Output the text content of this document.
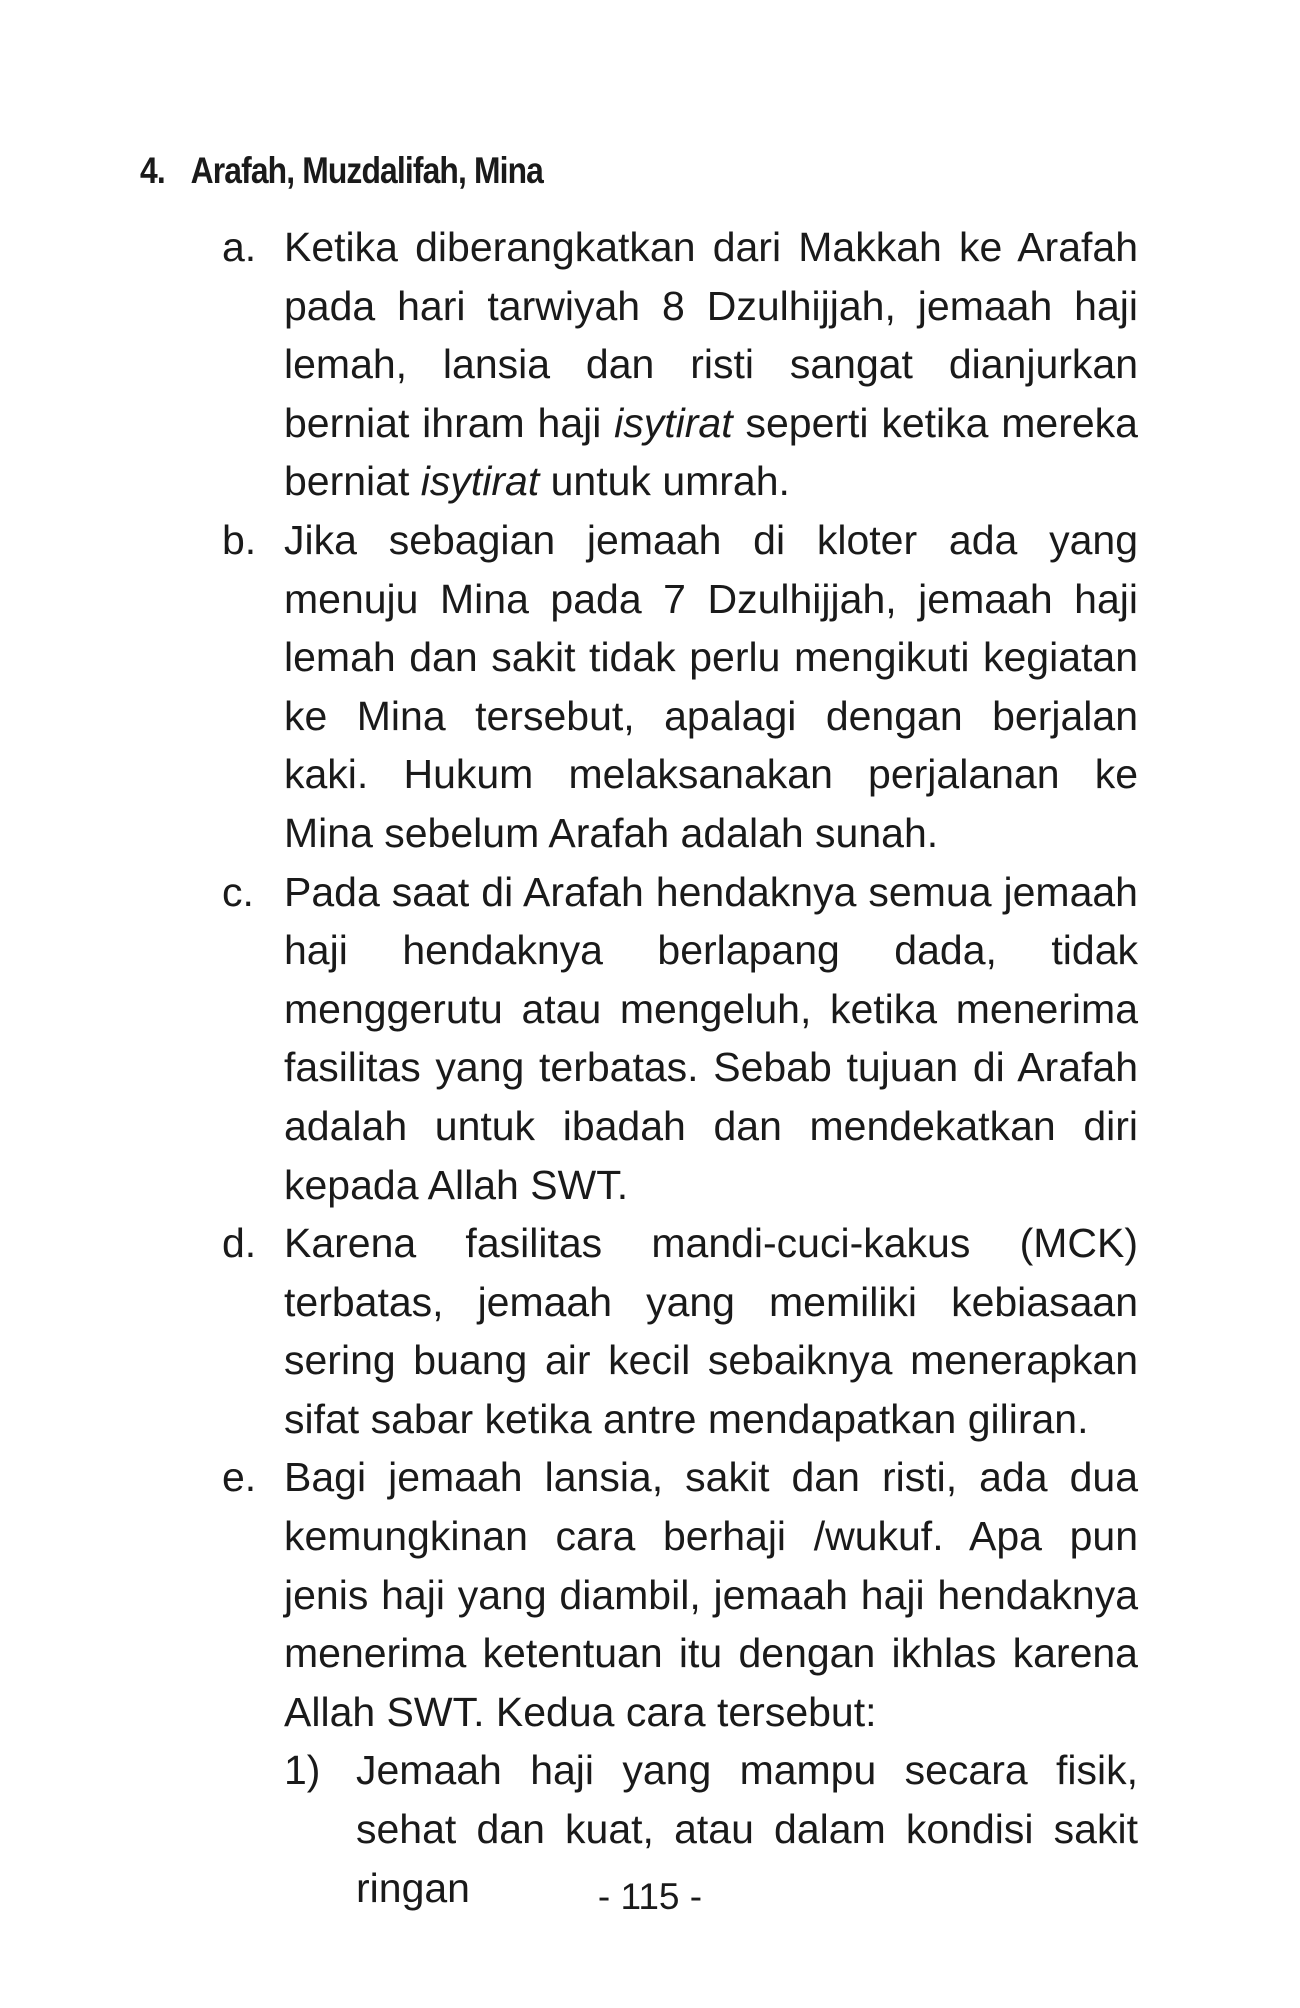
4. Arafah, Muzdalifah, Mina
a. Ketika diberangkatkan dari Makkah ke Arafah pada hari tarwiyah 8 Dzulhijjah, jemaah haji lemah, lansia dan risti sangat dianjurkan berniat ihram haji isytirat seperti ketika mereka berniat isytirat untuk umrah.
b. Jika sebagian jemaah di kloter ada yang menuju Mina pada 7 Dzulhijjah, jemaah haji lemah dan sakit tidak perlu mengikuti kegiatan ke Mina tersebut, apalagi dengan berjalan kaki. Hukum melaksanakan perjalanan ke Mina sebelum Arafah adalah sunah.
c. Pada saat di Arafah hendaknya semua jemaah haji hendaknya berlapang dada, tidak menggerutu atau mengeluh, ketika menerima fasilitas yang terbatas. Sebab tujuan di Arafah adalah untuk ibadah dan mendekatkan diri kepada Allah SWT.
d. Karena fasilitas mandi-cuci-kakus (MCK) terbatas, jemaah yang memiliki kebiasaan sering buang air kecil sebaiknya menerapkan sifat sabar ketika antre mendapatkan giliran.
e. Bagi jemaah lansia, sakit dan risti, ada dua kemungkinan cara berhaji /wukuf. Apa pun jenis haji yang diambil, jemaah haji hendaknya menerima ketentuan itu dengan ikhlas karena Allah SWT. Kedua cara tersebut:
1) Jemaah haji yang mampu secara fisik, sehat dan kuat, atau dalam kondisi sakit ringan	- 115 -
